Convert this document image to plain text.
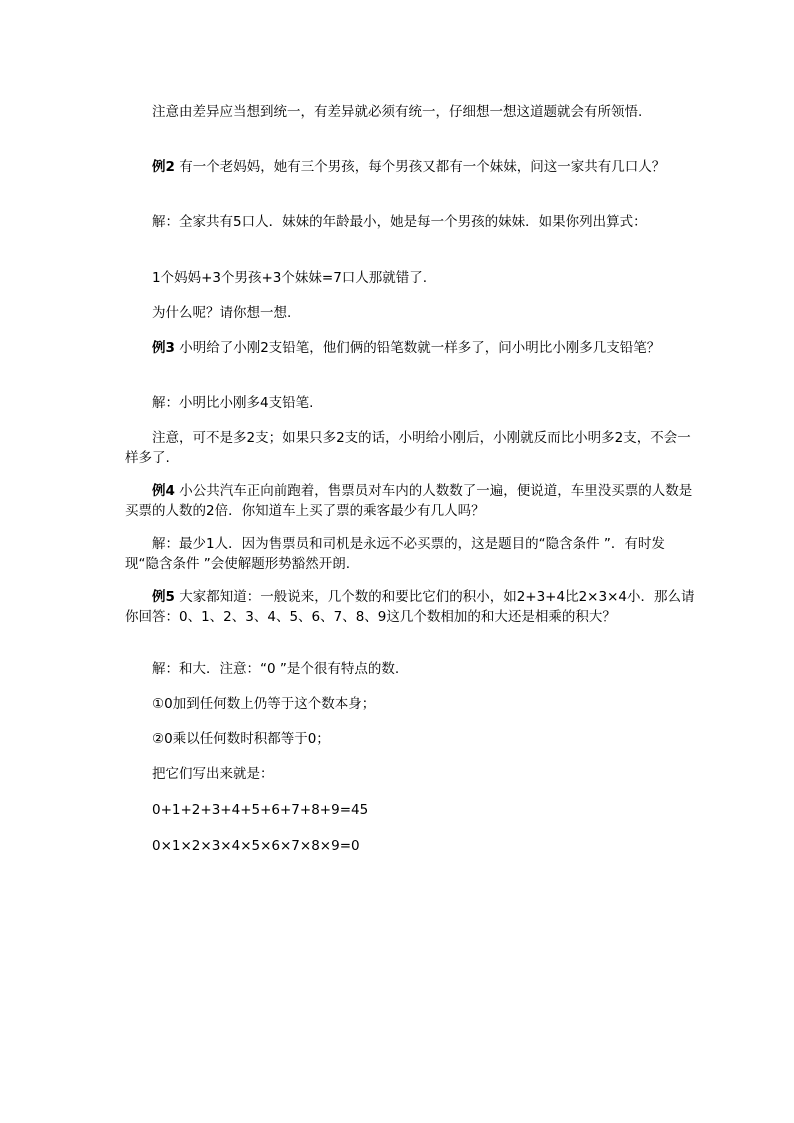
注意由差异应当想到统一，有差异就必须有统一，仔细想一想这道题就会有所领悟.

例2 有一个老妈妈，她有三个男孩，每个男孩又都有一个妹妹，问这一家共有几口人？

解：全家共有5口人．妹妹的年龄最小，她是每一个男孩的妹妹．如果你列出算式：

1个妈妈+3个男孩+3个妹妹=7口人那就错了.

为什么呢？请你想一想.

例3 小明给了小刚2支铅笔，他们俩的铅笔数就一样多了，问小明比小刚多几支铅笔？

解：小明比小刚多4支铅笔.

注意，可不是多2支；如果只多2支的话，小明给小刚后，小刚就反而比小明多2支，不会一样多了.

例4 小公共汽车正向前跑着，售票员对车内的人数数了一遍，便说道，车里没买票的人数是买票的人数的2倍．你知道车上买了票的乘客最少有几人吗？

解：最少1人．因为售票员和司机是永远不必买票的，这是题目的“隐含条件 ”．有时发现“隐含条件 ”会使解题形势豁然开朗.

例5 大家都知道：一般说来，几个数的和要比它们的积小，如2+3+4比2×3×4小．那么请你回答：0、1、2、3、4、5、6、7、8、9这几个数相加的和大还是相乘的积大？

解：和大．注意：“0 ”是个很有特点的数.

①0加到任何数上仍等于这个数本身；

②0乘以任何数时积都等于0；

把它们写出来就是：

0+1+2+3+4+5+6+7+8+9=45

0×1×2×3×4×5×6×7×8×9=0
